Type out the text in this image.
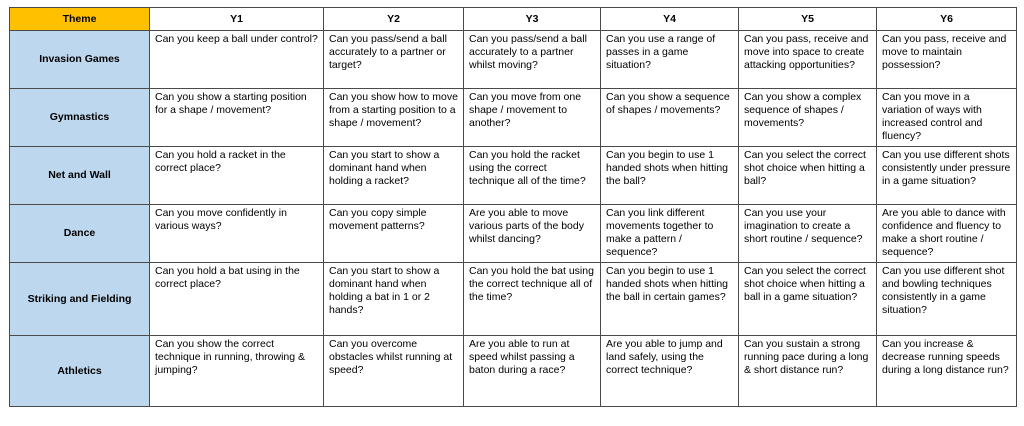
Theme	Y1	Y2	Y3	Y4	Y5	Y6
Invasion Games	Can you keep a ball under control?	Can you pass/send a ball accurately to a partner or target?	Can you pass/send a ball accurately to a partner whilst moving?	Can you use a range of passes in a game situation?	Can you pass, receive and move into space to create attacking opportunities?	Can you pass, receive and move to maintain possession?
Gymnastics	Can you show a starting position for a shape / movement?	Can you show how to move from a starting position to a shape / movement?	Can you move from one shape / movement to another?	Can you show a sequence of shapes / movements?	Can you show a complex sequence of shapes / movements?	Can you move in a variation of ways with increased control and fluency?
Net and Wall	Can you hold a racket in the correct place?	Can you start to show a dominant hand when holding a racket?	Can you hold the racket using the correct technique all of the time?	Can you begin to use 1 handed shots when hitting the ball?	Can you select the correct shot choice when hitting a ball?	Can you use different shots consistently under pressure in a game situation?
Dance	Can you move confidently in various ways?	Can you copy simple movement patterns?	Are you able to move various parts of the body whilst dancing?	Can you link different movements together to make a pattern / sequence?	Can you use your imagination to create a short routine / sequence?	Are you able to dance with confidence and fluency to make a short routine / sequence?
Striking and Fielding	Can you hold a bat using in the correct place?	Can you start to show a dominant hand when holding a bat in 1 or 2 hands?	Can you hold the bat using the correct technique all of the time?	Can you begin to use 1 handed shots when hitting the ball in certain games?	Can you select the correct shot choice when hitting a ball in a game situation?	Can you use different shot and bowling techniques consistently in a game situation?
Athletics	Can you show the correct technique in running, throwing & jumping?	Can you overcome obstacles whilst running at speed?	Are you able to run at speed whilst passing a baton during a race?	Are you able to jump and land safely, using the correct technique?	Can you sustain a strong running pace during a long & short distance run?	Can you increase & decrease running speeds during a long distance run?
